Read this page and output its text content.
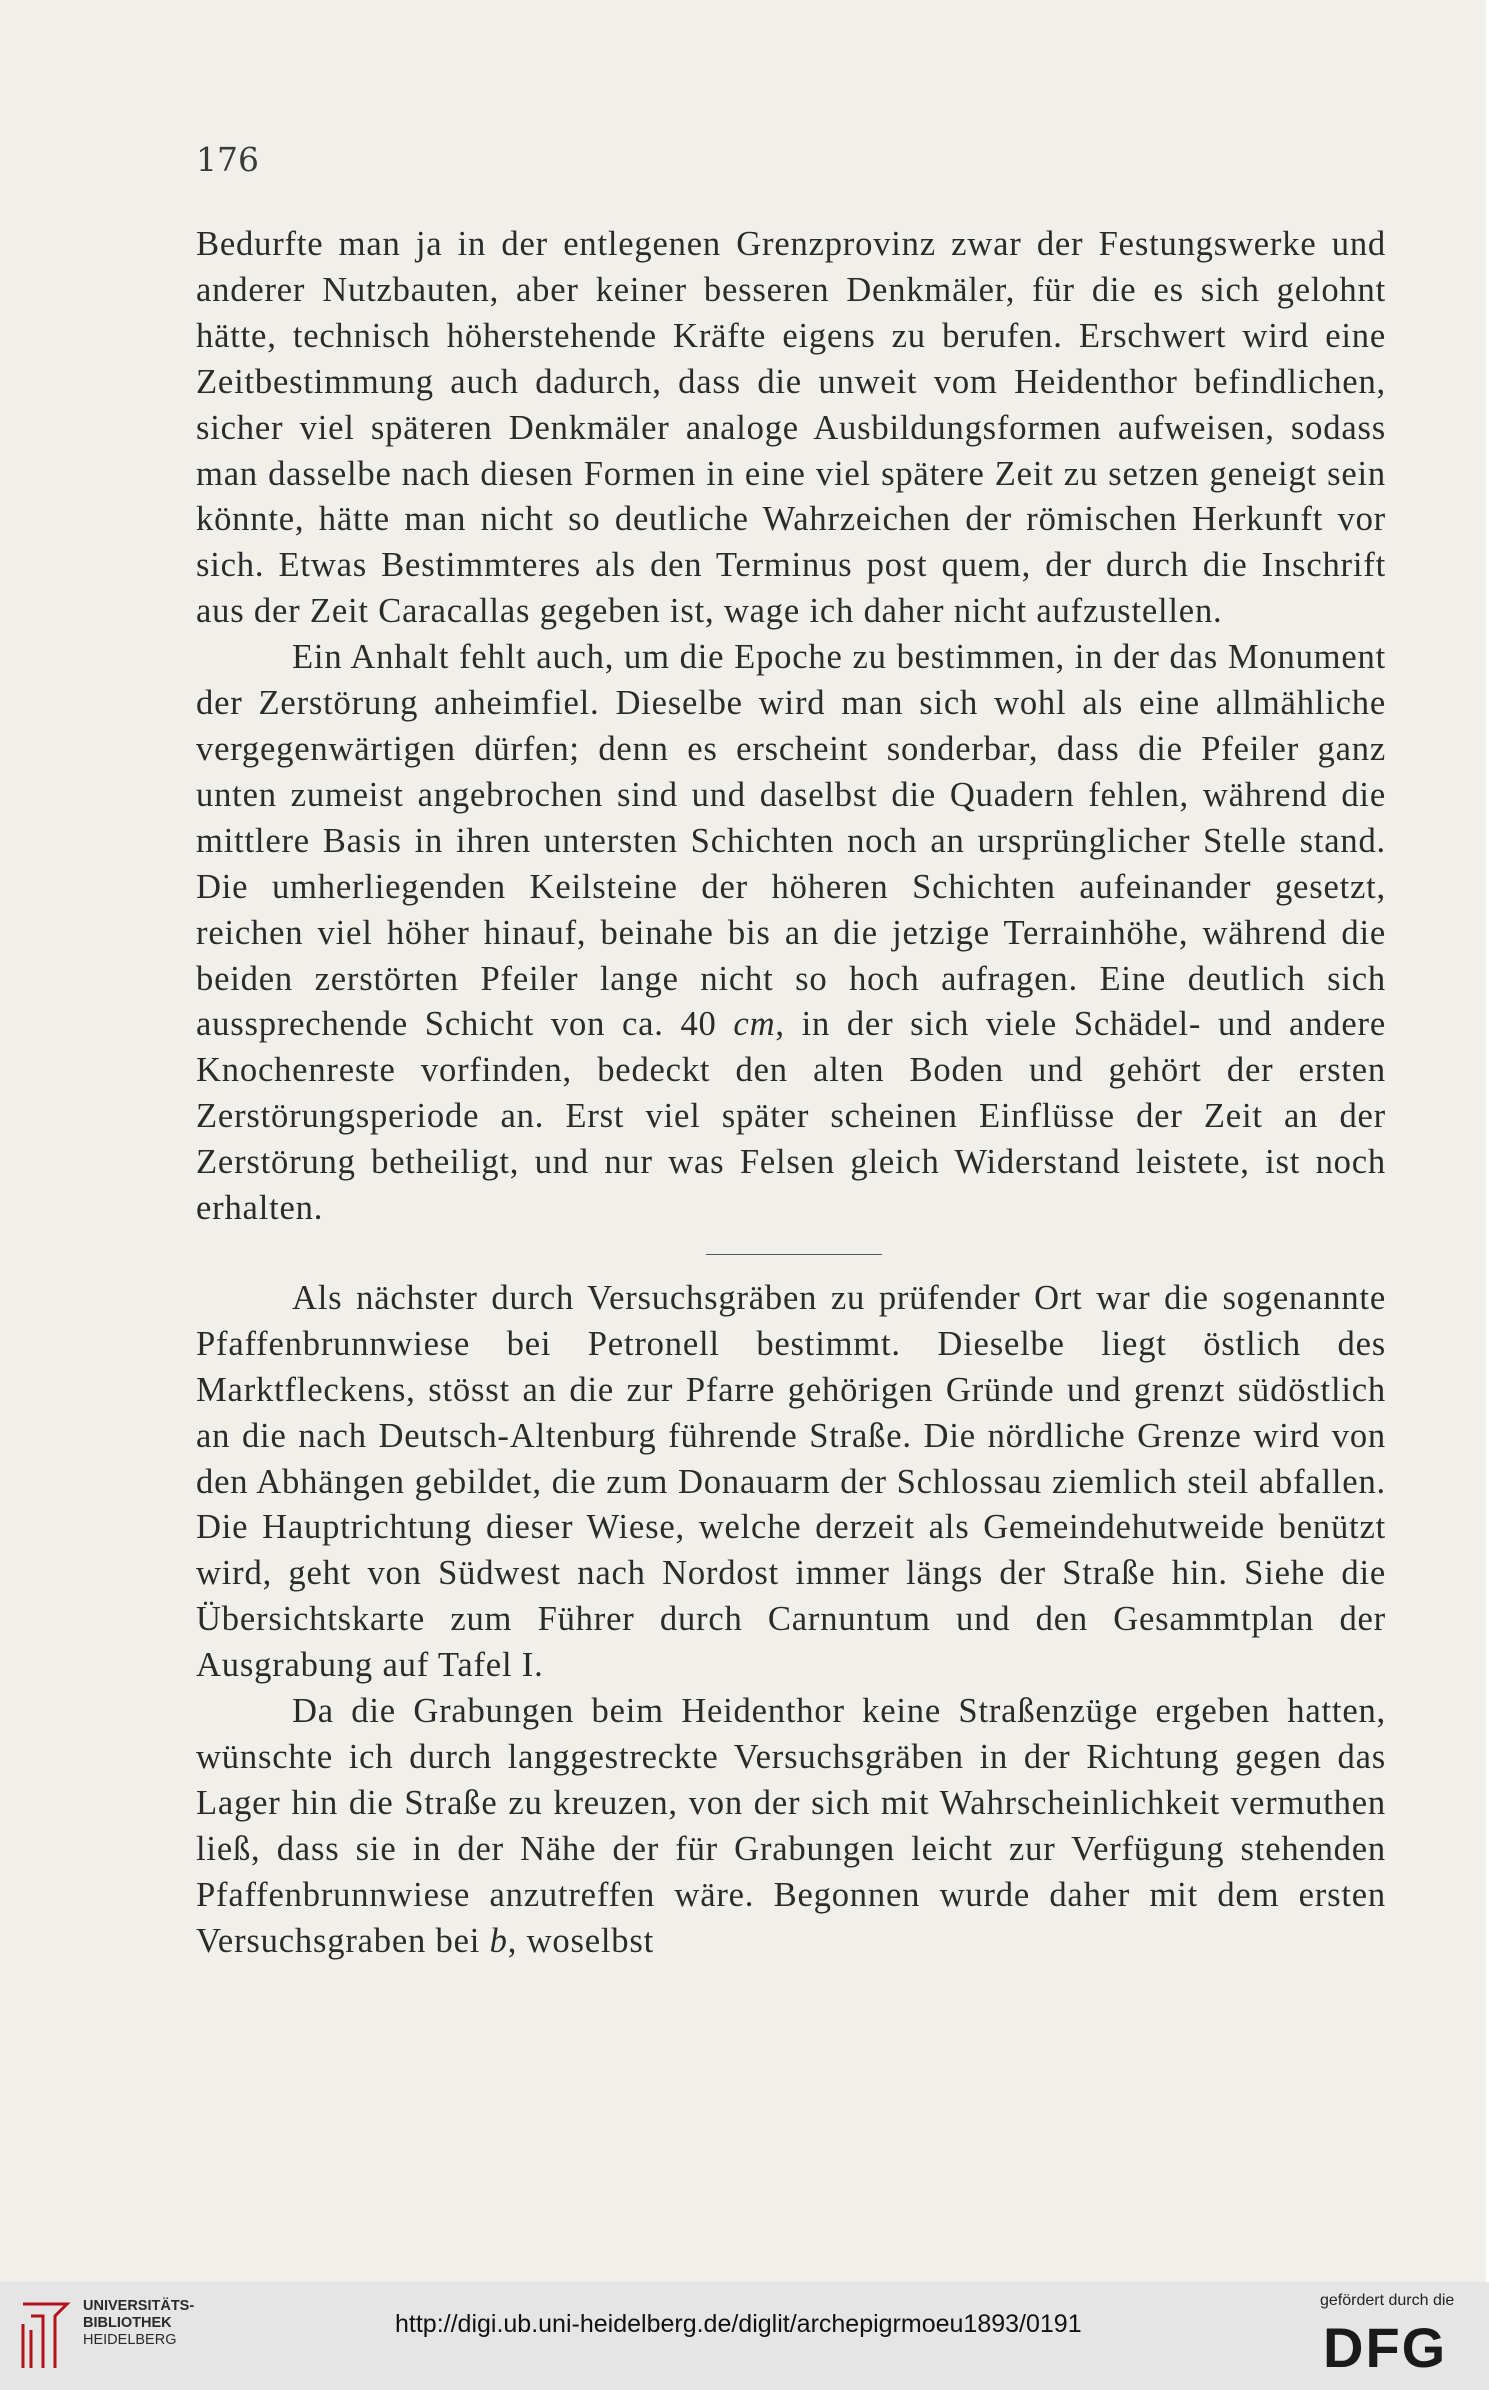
176

Bedurfte man ja in der entlegenen Grenzprovinz zwar der Festungswerke und anderer Nutzbauten, aber keiner besseren Denkmäler, für die es sich gelohnt hätte, technisch höherstehende Kräfte eigens zu berufen. Erschwert wird eine Zeitbestimmung auch dadurch, dass die unweit vom Heidenthor befindlichen, sicher viel späteren Denkmäler analoge Ausbildungsformen aufweisen, sodass man dasselbe nach diesen Formen in eine viel spätere Zeit zu setzen geneigt sein könnte, hätte man nicht so deutliche Wahrzeichen der römischen Herkunft vor sich. Etwas Bestimmteres als den Terminus post quem, der durch die Inschrift aus der Zeit Caracallas gegeben ist, wage ich daher nicht aufzustellen.

Ein Anhalt fehlt auch, um die Epoche zu bestimmen, in der das Monument der Zerstörung anheimfiel. Dieselbe wird man sich wohl als eine allmähliche vergegenwärtigen dürfen; denn es erscheint sonderbar, dass die Pfeiler ganz unten zumeist angebrochen sind und daselbst die Quadern fehlen, während die mittlere Basis in ihren untersten Schichten noch an ursprünglicher Stelle stand. Die umherliegenden Keilsteine der höheren Schichten aufeinander gesetzt, reichen viel höher hinauf, beinahe bis an die jetzige Terrainhöhe, während die beiden zerstörten Pfeiler lange nicht so hoch aufragen. Eine deutlich sich aussprechende Schicht von ca. 40 cm, in der sich viele Schädel- und andere Knochenreste vorfinden, bedeckt den alten Boden und gehört der ersten Zerstörungsperiode an. Erst viel später scheinen Einflüsse der Zeit an der Zerstörung betheiligt, und nur was Felsen gleich Widerstand leistete, ist noch erhalten.

Als nächster durch Versuchsgräben zu prüfender Ort war die sogenannte Pfaffenbrunnwiese bei Petronell bestimmt. Dieselbe liegt östlich des Marktfleckens, stösst an die zur Pfarre gehörigen Gründe und grenzt südöstlich an die nach Deutsch-Altenburg führende Straße. Die nördliche Grenze wird von den Abhängen gebildet, die zum Donauarm der Schlossau ziemlich steil abfallen. Die Hauptrichtung dieser Wiese, welche derzeit als Gemeindehutweide benützt wird, geht von Südwest nach Nordost immer längs der Straße hin. Siehe die Übersichtskarte zum Führer durch Carnuntum und den Gesammtplan der Ausgrabung auf Tafel I.

Da die Grabungen beim Heidenthor keine Straßenzüge ergeben hatten, wünschte ich durch langgestreckte Versuchsgräben in der Richtung gegen das Lager hin die Straße zu kreuzen, von der sich mit Wahrscheinlichkeit vermuthen ließ, dass sie in der Nähe der für Grabungen leicht zur Verfügung stehenden Pfaffenbrunnwiese anzutreffen wäre. Begonnen wurde daher mit dem ersten Versuchsgraben bei b, woselbst

UNIVERSITÄTS-
BIBLIOTHEK
HEIDELBERG
http://digi.ub.uni-heidelberg.de/diglit/archepigrmoeu1893/0191
gefördert durch die
DFG
